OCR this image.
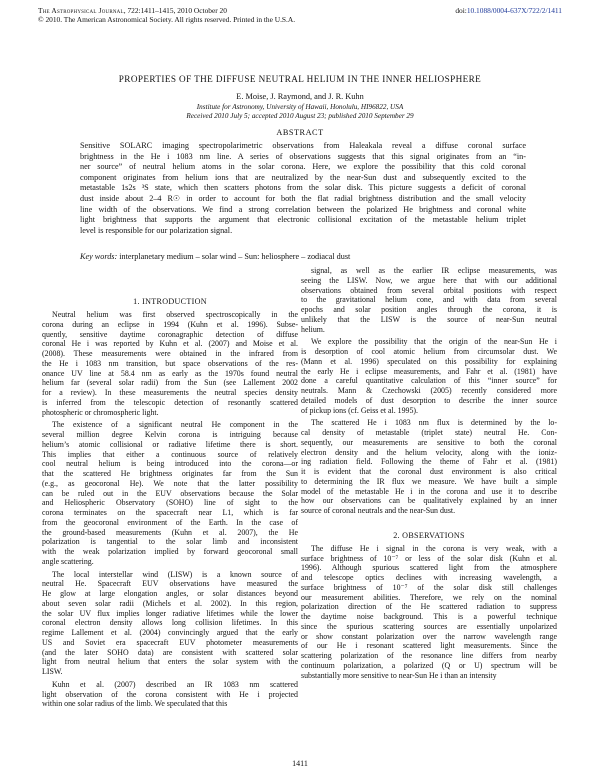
The Astrophysical Journal, 722:1411–1415, 2010 October 20
© 2010. The American Astronomical Society. All rights reserved. Printed in the U.S.A.
doi:10.1088/0004-637X/722/2/1411
PROPERTIES OF THE DIFFUSE NEUTRAL HELIUM IN THE INNER HELIOSPHERE
E. Moise, J. Raymond, and J. R. Kuhn
Institute for Astronomy, University of Hawaii, Honolulu, HI96822, USA
Received 2010 July 5; accepted 2010 August 23; published 2010 September 29
ABSTRACT
Sensitive SOLARC imaging spectropolarimetric observations from Haleakala reveal a diffuse coronal surface
brightness in the He i 1083 nm line. A series of observations suggests that this signal originates from an “in-
ner source” of neutral helium atoms in the solar corona. Here, we explore the possibility that this cold coronal
component originates from helium ions that are neutralized by the near-Sun dust and subsequently excited to the
metastable 1s2s ³S state, which then scatters photons from the solar disk. This picture suggests a deficit of coronal
dust inside about 2–4 R☉ in order to account for both the flat radial brightness distribution and the small velocity
line width of the observations. We find a strong correlation between the polarized He brightness and coronal white
light brightness that supports the argument that electronic collisional excitation of the metastable helium triplet
level is responsible for our polarization signal.
Key words: interplanetary medium – solar wind – Sun: heliosphere – zodiacal dust
1. INTRODUCTION
Neutral helium was first observed spectroscopically in the
corona during an eclipse in 1994 (Kuhn et al. 1996). Subse-
quently, sensitive daytime coronagraphic detection of diffuse
coronal He i was reported by Kuhn et al. (2007) and Moise et al.
(2008). These measurements were obtained in the infrared from
the He i 1083 nm transition, but space observations of the res-
onance UV line at 58.4 nm as early as the 1970s found neutral
helium far (several solar radii) from the Sun (see Lallement 2002
for a review). In these measurements the neutral species density
is inferred from the telescopic detection of resonantly scattered
photospheric or chromospheric light.
The existence of a significant neutral He component in the
several million degree Kelvin corona is intriguing because
helium’s atomic collisional or radiative lifetime there is short.
This implies that either a continuous source of relatively
cool neutral helium is being introduced into the corona—or
that the scattered He brightness originates far from the Sun
(e.g., as geocoronal He). We note that the latter possibility
can be ruled out in the EUV observations because the Solar
and Heliospheric Observatory (SOHO) line of sight to the
corona terminates on the spacecraft near L1, which is far
from the geocoronal environment of the Earth. In the case of
the ground-based measurements (Kuhn et al. 2007), the He
polarization is tangential to the solar limb and inconsistent
with the weak polarization implied by forward geocoronal small
angle scattering.
The local interstellar wind (LISW) is a known source of
neutral He. Spacecraft EUV observations have measured the
He glow at large elongation angles, or solar distances beyond
about seven solar radii (Michels et al. 2002). In this region,
the solar UV flux implies longer radiative lifetimes while the lower
coronal electron density allows long collision lifetimes. In this
regime Lallement et al. (2004) convincingly argued that the early
US and Soviet era spacecraft EUV photometer measurements
(and the later SOHO data) are consistent with scattered solar
light from neutral helium that enters the solar system with the
LISW.
Kuhn et al. (2007) described an IR 1083 nm scattered
light observation of the corona consistent with He i projected
within one solar radius of the limb. We speculated that this
signal, as well as the earlier IR eclipse measurements, was
seeing the LISW. Now, we argue here that with our additional
observations obtained from several orbital positions with respect
to the gravitational helium cone, and with data from several
epochs and solar position angles through the corona, it is
unlikely that the LISW is the source of near-Sun neutral
helium.
We explore the possibility that the origin of the near-Sun He i
is desorption of cool atomic helium from circumsolar dust. We
(Mann et al. 1996) speculated on this possibility for explaining
the early He i eclipse measurements, and Fahr et al. (1981) have
done a careful quantitative calculation of this “inner source” for
neutrals. Mann & Czechowski (2005) recently considered more
detailed models of dust desorption to describe the inner source
of pickup ions (cf. Geiss et al. 1995).
The scattered He i 1083 nm flux is determined by the lo-
cal density of metastable (triplet state) neutral He. Con-
sequently, our measurements are sensitive to both the coronal
electron density and the helium velocity, along with the ioniz-
ing radiation field. Following the theme of Fahr et al. (1981)
it is evident that the coronal dust environment is also critical
to determining the IR flux we measure. We have built a simple
model of the metastable He i in the corona and use it to describe
how our observations can be qualitatively explained by an inner
source of coronal neutrals and the near-Sun dust.
2. OBSERVATIONS
The diffuse He i signal in the corona is very weak, with a
surface brightness of 10⁻⁷ or less of the solar disk (Kuhn et al.
1996). Although spurious scattered light from the atmosphere
and telescope optics declines with increasing wavelength, a
surface brightness of 10⁻⁷ of the solar disk still challenges
our measurement abilities. Therefore, we rely on the nominal
polarization direction of the He scattered radiation to suppress
the daytime noise background. This is a powerful technique
since the spurious scattering sources are essentially unpolarized
or show constant polarization over the narrow wavelength range
of our He i resonant scattered light measurements. Since the
scattering polarization of the resonance line differs from nearby
continuum polarization, a polarized (Q or U) spectrum will be
substantially more sensitive to near-Sun He i than an intensity
1411
